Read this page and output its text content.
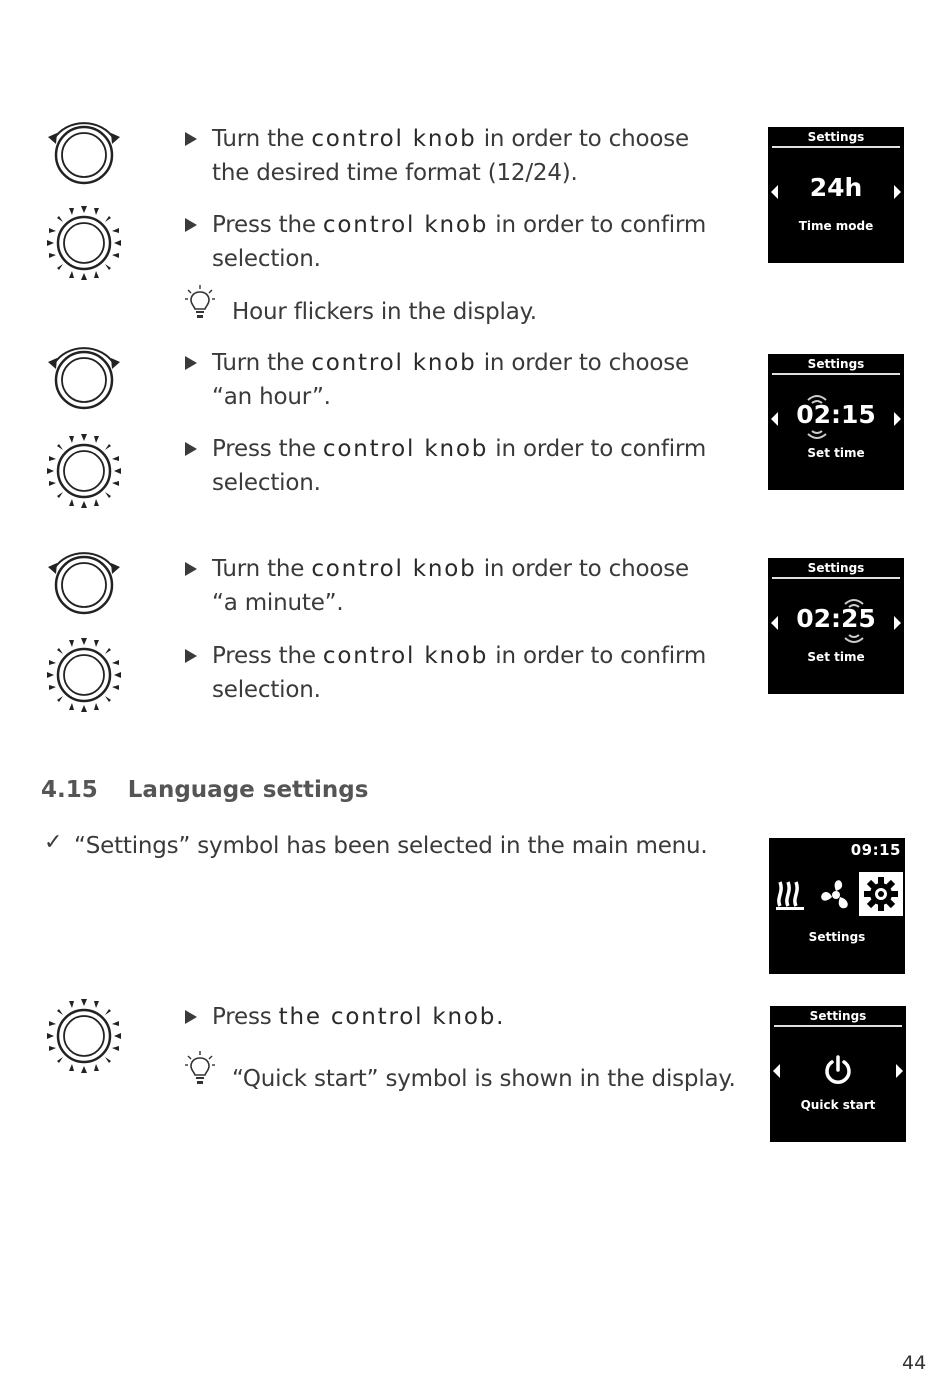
Turn the control knob in order to choose
the desired time format (12/24).
Press the control knob in order to confirm
selection.
Hour flickers in the display.
Turn the control knob in order to choose
“an hour”.
Press the control knob in order to confirm
selection.
Turn the control knob in order to choose
“a minute”.
Press the control knob in order to confirm
selection.
4.15 Language settings
✓ “Settings” symbol has been selected in the main menu.
Press the control knob.
“Quick start” symbol is shown in the display.
Settings
24h
Time mode
Settings
02:15
Set time
Settings
02:25
Set time
09:15
Settings
Settings
Quick start
44
